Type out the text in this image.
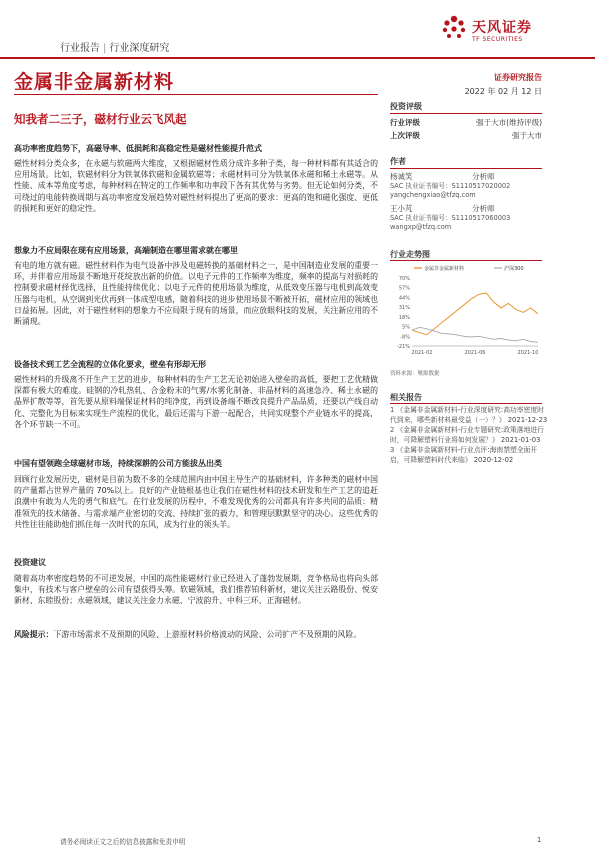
天风证券
TF SECURITIES
行业报告 | 行业深度研究
金属非金属新材料
知我者二三子，磁材行业云飞风起
证券研究报告
2022 年 02 月 12 日
投资评级
行业评级	强于大市(维持评级)
上次评级	强于大市
作者
杨诚笑	分析师
SAC 执业证书编号：S1110517020002
yangchengxiao@tfzq.com
王小芃	分析师
SAC 执业证书编号：S1110517060003
wangxp@tfzq.com
行业走势图
70%
57%
44%
31%
18%
5%
-8%
-21%
2021-02	2021-06	2021-10
金属非金属新材料	沪深300
资料来源：聚源数据
相关报告
1 《金属非金属新材料-行业深度研究:高功率密度时代到来，哪些新材料最受益（一）？》 2021-12-23
2 《金属非金属新材料-行业专题研究:政策落地进行时，可降解塑料行业将如何发展？》 2021-01-03
3 《金属非金属新材料-行业点评:海南禁塑全面开启，可降解塑料时代来临》 2020-12-02
高功率密度趋势下，高磁导率、低损耗和高稳定性是磁材性能提升范式
磁性材料分类众多，在永磁与软磁两大维度，又根据磁材性质分成许多种子类，每一种材料都有其适合的应用场景。比如，软磁材料分为铁氧体软磁和金属软磁等；永磁材料可分为铁氧体永磁和稀土永磁等。从性能、成本等角度考虑，每种材料在特定的工作频率和功率段下各有其优势与劣势。但无论如何分类，不可绕过的电能转换周期与高功率密度发展趋势对磁性材料提出了更高的要求：更高的饱和磁化强度、更低的损耗和更好的稳定性。
想象力不应局限在现有应用场景，高端制造在哪里需求就在哪里
有电的地方就有磁。磁性材料作为电气设备中涉及电磁转换的基础材料之一，是中国制造业发展的重要一环，并伴着应用场景不断地开花绽放出新的价值。以电子元件的工作频率为维度，频率的提高与对损耗的控制要求磁材择优选择，且性能持续优化；以电子元件的使用场景为维度，从低效变压器与电机到高效变压器与电机，从空调到光伏再到一体成型电感，随着科技的进步使用场景不断被开拓，磁材应用的领域也日益拓展。因此，对于磁性材料的想象力不应局限于现有的场景，而应放眼科技的发展，关注新应用的不断涌现。
设备技术到工艺全流程的立体化要求，壁垒有形却无形
磁性材料的升级离不开生产工艺的进步，每种材料的生产工艺无论初始进入壁垒的高低，要把工艺优精做深都有极大的难度。硅钢的冷轧热轧、合金粉末的气雾/水雾化制备、非晶材料的高速急冷、稀土永磁的晶界扩散等等，首先要从原料端保证材料的纯净度，再到设备端不断改良提升产品品质，还要以产线自动化、完整化为目标来实现生产流程的优化，最后还需与下游一起配合，共同实现整个产业链水平的提高，各个环节缺一不可。
中国有望领跑全球磁材市场，持续深耕的公司方能拔丛出类
回顾行业发展历史，磁材是目前为数不多的全球范围内由中国主导生产的基础材料，许多种类的磁材中国的产量都占世界产量的 70%以上。良好的产业链根基也让我们在磁性材料的技术研发和生产工艺的追赶浪潮中有敢为人先的勇气和底气。在行业发展的历程中，不难发现优秀的公司都具有许多共同的品质：精准领先的技术储备、与需求端产业密切的交流、持续扩张的毅力，和管理层默默坚守的决心。这些优秀的共性往往能助他们抓住每一次时代的东风，成为行业的领头羊。
投资建议
随着高功率密度趋势的不可逆发展，中国的高性能磁材行业已经进入了蓬勃发展期，竞争格局也将向头部集中，有技术与客户壁垒的公司有望获得头筹。软磁领域，我们推荐铂科新材，建议关注云路股份、悦安新材、东睦股份；永磁领域，建议关注金力永磁、宁波韵升、中科三环、正海磁材。
风险提示：下游市场需求不及预期的风险、上游原材料价格波动的风险、公司扩产不及预期的风险。
请务必阅读正文之后的信息披露和免责申明	1
